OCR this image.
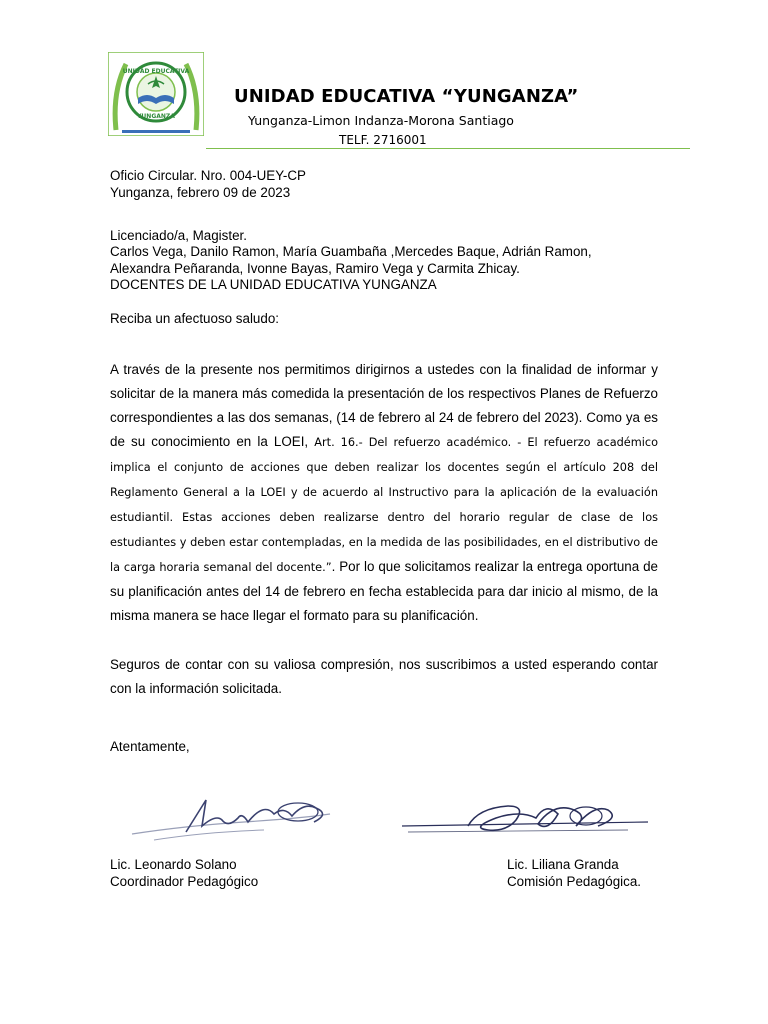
UNIDAD EDUCATIVA
YUNGANZA
UNIDAD EDUCATIVA “YUNGANZA”
Yunganza-Limon Indanza-Morona Santiago
TELF. 2716001
Oficio Circular. Nro. 004-UEY-CP
Yunganza, febrero 09 de 2023
Licenciado/a, Magister.
Carlos Vega, Danilo Ramon, María Guambaña ,Mercedes Baque, Adrián Ramon,
Alexandra Peñaranda, Ivonne Bayas, Ramiro Vega y Carmita Zhicay.
DOCENTES DE LA UNIDAD EDUCATIVA YUNGANZA
Reciba un afectuoso saludo:
A través de la presente nos permitimos dirigirnos a ustedes con la finalidad de informar y solicitar de la manera más comedida la presentación de los respectivos Planes de Refuerzo correspondientes a las dos semanas, (14 de febrero al 24 de febrero del 2023). Como ya es de su conocimiento en la LOEI, Art. 16.- Del refuerzo académico. - El refuerzo académico implica el conjunto de acciones que deben realizar los docentes según el artículo 208 del Reglamento General a la LOEI y de acuerdo al Instructivo para la aplicación de la evaluación estudiantil. Estas acciones deben realizarse dentro del horario regular de clase de los estudiantes y deben estar contempladas, en la medida de las posibilidades, en el distributivo de la carga horaria semanal del docente.”. Por lo que solicitamos realizar la entrega oportuna de su planificación antes del 14 de febrero en fecha establecida para dar inicio al mismo, de la misma manera se hace llegar el formato para su planificación.
Seguros de contar con su valiosa compresión, nos suscribimos a usted esperando contar con la información solicitada.
Atentamente,
Lic. Leonardo Solano
Coordinador Pedagógico
Lic. Liliana Granda
Comisión Pedagógica.
